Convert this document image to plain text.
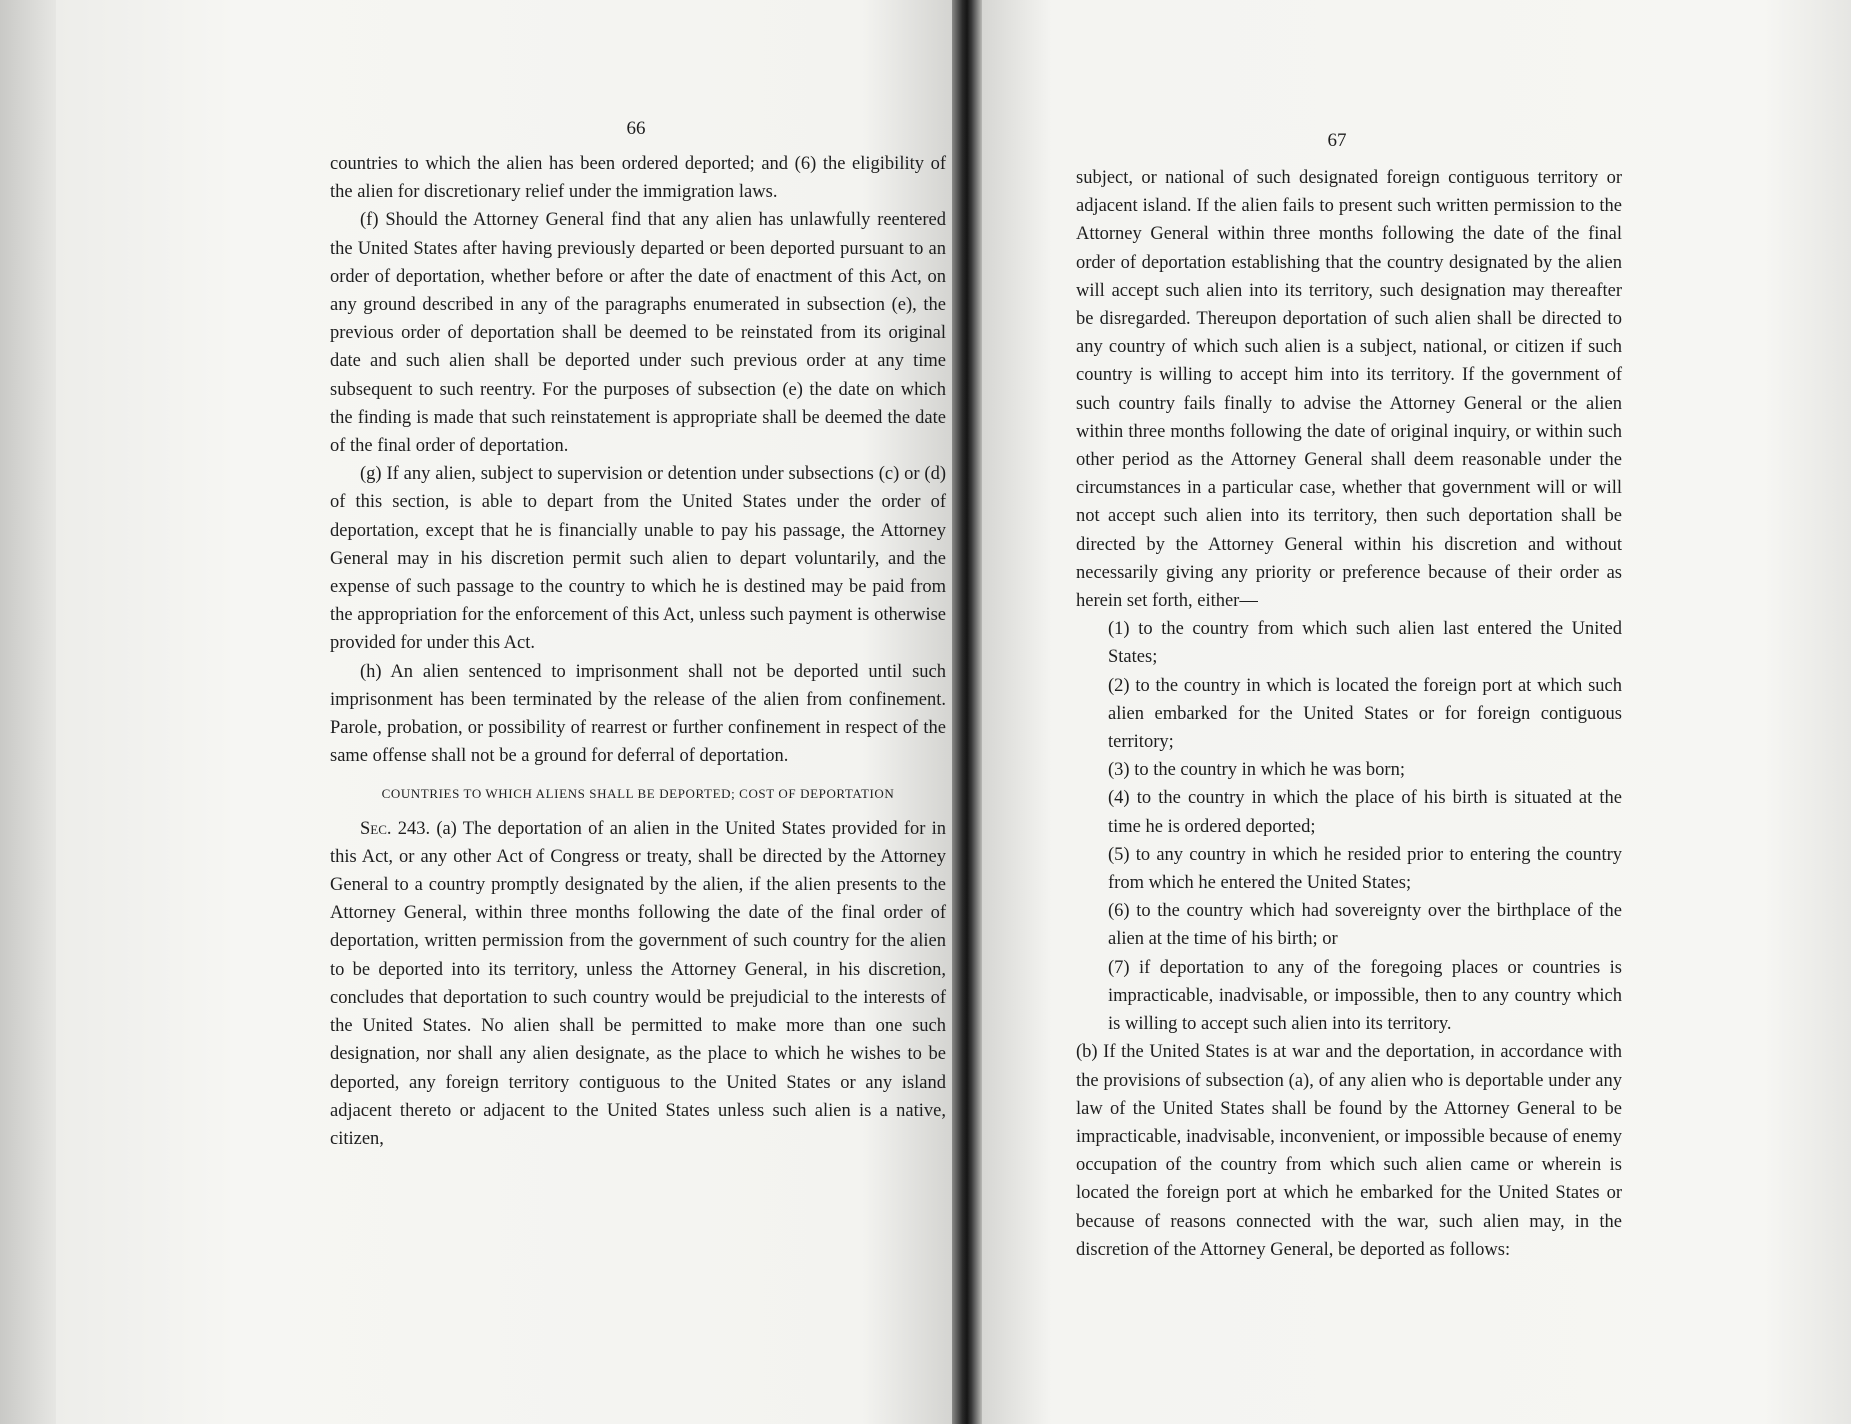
66

countries to which the alien has been ordered deported; and (6) the eligibility of the alien for discretionary relief under the immigration laws.

(f) Should the Attorney General find that any alien has unlawfully reentered the United States after having previously departed or been deported pursuant to an order of deportation, whether before or after the date of enactment of this Act, on any ground described in any of the paragraphs enumerated in subsection (e), the previous order of deportation shall be deemed to be reinstated from its original date and such alien shall be deported under such previous order at any time subsequent to such reentry. For the purposes of subsection (e) the date on which the finding is made that such reinstatement is appropriate shall be deemed the date of the final order of deportation.

(g) If any alien, subject to supervision or detention under subsections (c) or (d) of this section, is able to depart from the United States under the order of deportation, except that he is financially unable to pay his passage, the Attorney General may in his discretion permit such alien to depart voluntarily, and the expense of such passage to the country to which he is destined may be paid from the appropriation for the enforcement of this Act, unless such payment is otherwise provided for under this Act.

(h) An alien sentenced to imprisonment shall not be deported until such imprisonment has been terminated by the release of the alien from confinement. Parole, probation, or possibility of rearrest or further confinement in respect of the same offense shall not be a ground for deferral of deportation.

COUNTRIES TO WHICH ALIENS SHALL BE DEPORTED; COST OF DEPORTATION

Sec. 243. (a) The deportation of an alien in the United States provided for in this Act, or any other Act of Congress or treaty, shall be directed by the Attorney General to a country promptly designated by the alien, if the alien presents to the Attorney General, within three months following the date of the final order of deportation, written permission from the government of such country for the alien to be deported into its territory, unless the Attorney General, in his discretion, concludes that deportation to such country would be prejudicial to the interests of the United States. No alien shall be permitted to make more than one such designation, nor shall any alien designate, as the place to which he wishes to be deported, any foreign territory contiguous to the United States or any island adjacent thereto or adjacent to the United States unless such alien is a native, citizen,

67

subject, or national of such designated foreign contiguous territory or adjacent island. If the alien fails to present such written permission to the Attorney General within three months following the date of the final order of deportation establishing that the country designated by the alien will accept such alien into its territory, such designation may thereafter be disregarded. Thereupon deportation of such alien shall be directed to any country of which such alien is a subject, national, or citizen if such country is willing to accept him into its territory. If the government of such country fails finally to advise the Attorney General or the alien within three months following the date of original inquiry, or within such other period as the Attorney General shall deem reasonable under the circumstances in a particular case, whether that government will or will not accept such alien into its territory, then such deportation shall be directed by the Attorney General within his discretion and without necessarily giving any priority or preference because of their order as herein set forth, either—

(1) to the country from which such alien last entered the United States;

(2) to the country in which is located the foreign port at which such alien embarked for the United States or for foreign contiguous territory;

(3) to the country in which he was born;

(4) to the country in which the place of his birth is situated at the time he is ordered deported;

(5) to any country in which he resided prior to entering the country from which he entered the United States;

(6) to the country which had sovereignty over the birthplace of the alien at the time of his birth; or

(7) if deportation to any of the foregoing places or countries is impracticable, inadvisable, or impossible, then to any country which is willing to accept such alien into its territory.

(b) If the United States is at war and the deportation, in accordance with the provisions of subsection (a), of any alien who is deportable under any law of the United States shall be found by the Attorney General to be impracticable, inadvisable, inconvenient, or impossible because of enemy occupation of the country from which such alien came or wherein is located the foreign port at which he embarked for the United States or because of reasons connected with the war, such alien may, in the discretion of the Attorney General, be deported as follows:
